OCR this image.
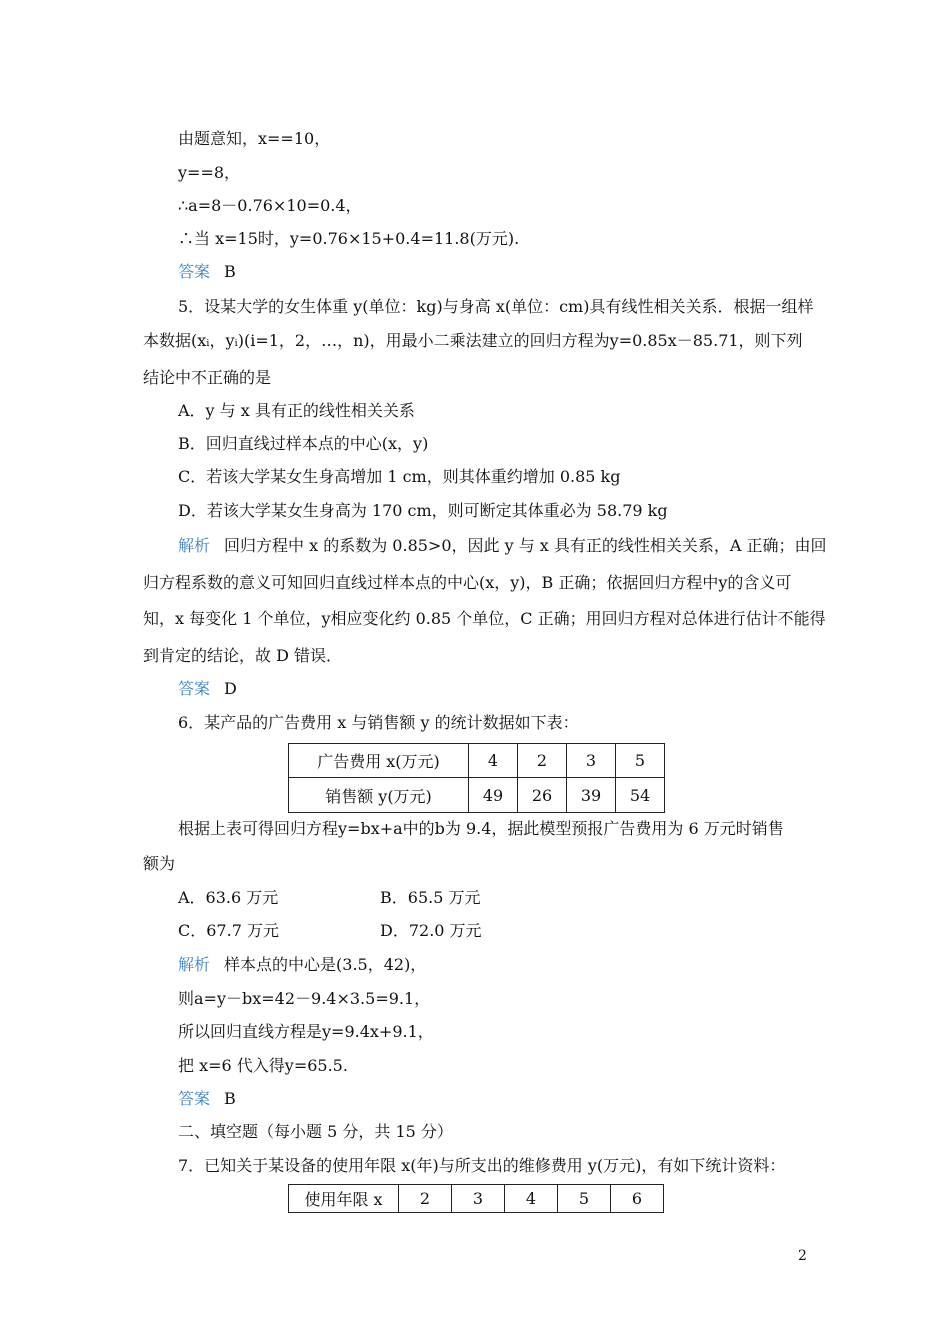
由题意知，x==10，
y==8，
∴a=8－0.76×10=0.4，
∴当 x=15时，y=0.76×15+0.4=11.8(万元).
答案 B
5．设某大学的女生体重 y(单位：kg)与身高 x(单位：cm)具有线性相关关系．根据一组样
本数据(xᵢ，yᵢ)(i=1，2，…，n)，用最小二乘法建立的回归方程为y=0.85x－85.71，则下列
结论中不正确的是
A．y 与 x 具有正的线性相关关系
B．回归直线过样本点的中心(x，y)
C．若该大学某女生身高增加 1 cm，则其体重约增加 0.85 kg
D．若该大学某女生身高为 170 cm，则可断定其体重必为 58.79 kg
解析 回归方程中 x 的系数为 0.85>0，因此 y 与 x 具有正的线性相关关系，A 正确；由回
归方程系数的意义可知回归直线过样本点的中心(x，y)，B 正确；依据回归方程中y的含义可
知，x 每变化 1 个单位，y相应变化约 0.85 个单位，C 正确；用回归方程对总体进行估计不能得
到肯定的结论，故 D 错误．
答案 D
6．某产品的广告费用 x 与销售额 y 的统计数据如下表：
广告费用 x(万元)	4	2	3	5
销售额 y(万元)	49	26	39	54
根据上表可得回归方程y=bx+a中的b为 9.4，据此模型预报广告费用为 6 万元时销售
额为
A．63.6 万元	B．65.5 万元
C．67.7 万元	D．72.0 万元
解析 样本点的中心是(3.5，42)，
则a=y－bx=42－9.4×3.5=9.1，
所以回归直线方程是y=9.4x+9.1，
把 x=6 代入得y=65.5.
答案 B
二、填空题（每小题 5 分，共 15 分）
7．已知关于某设备的使用年限 x(年)与所支出的维修费用 y(万元)，有如下统计资料：
使用年限 x	2	3	4	5	6
2
